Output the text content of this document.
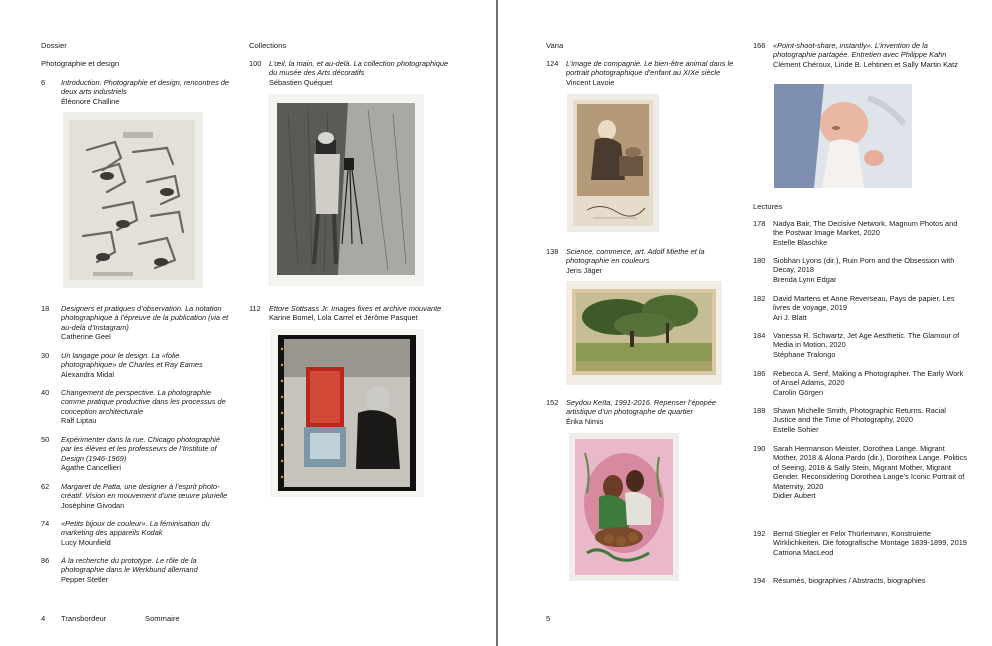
Dossier
Photographie et design
Collections
6	Introduction. Photographie et design, rencontres de deux arts industriels
Éléonore Challine
18	Designers et pratiques d’observation. La notation photographique à l’épreuve de la publication (via et au-delà d’Instagram)
Catherine Geel
30	Un langage pour le design. La «folie photographique» de Charles et Ray Eames
Alexandra Midal
40	Changement de perspective. La photographie comme pratique productive dans les processus de conception architecturale
Ralf Liptau
50	Expérimenter dans la rue. Chicago photographié par les élèves et les professeurs de l’Institute of Design (1946-1969)
Agathe Cancellieri
62	Margaret de Patta, une designer à l’esprit photo-créatif. Vision en mouvement d’une œuvre plurielle
Joséphine Givodan
74	«Petits bijoux de couleur». La féminisation du marketing des appareils Kodak
Lucy Mounfield
86	À la recherche du prototype. Le rôle de la photographie dans le Werkbund allemand
Pepper Stetler
100	L’œil, la main, et au-delà. La collection photographique du musée des Arts décoratifs
Sébastien Quéquet
112	Ettore Sottsass Jr. Images fixes et archive mouvante
Karine Bomel, Lola Carrel et Jérôme Pasquet
4 Transbordeur	Sommaire
Varia
124	L’image de compagnie. Le bien-être animal dans le portrait photographique d’enfant au XIXe siècle
Vincent Lavoie
138	Science, commerce, art. Adolf Miethe et la photographie en couleurs
Jens Jäger
152	Seydou Keïta, 1991-2016. Repenser l’épopée artistique d’un photographe de quartier
Érika Nimis
166	«Point-shoot-share, instantly». L’invention de la photographie partagée. Entretien avec Philippe Kahn
Clément Chéroux, Linde B. Lehtinen et Sally Martin Katz
Lectures
178	Nadya Bair, The Decisive Network. Magnum Photos and the Postwar Image Market, 2020
Estelle Blaschke
180	Siobhan Lyons (dir.), Ruin Porn and the Obsession with Decay, 2018
Brenda Lynn Edgar
182	David Martens et Anne Reverseau, Pays de papier. Les livres de voyage, 2019
Ari J. Blatt
184	Vanessa R. Schwartz, Jet Age Aesthetic. The Glamour of Media in Motion, 2020
Stéphane Tralongo
186	Rebecca A. Senf, Making a Photographer. The Early Work of Ansel Adams, 2020
Carolin Görgen
188	Shawn Michelle Smith, Photographic Returns. Racial Justice and the Time of Photography, 2020
Estelle Sohier
190	Sarah Hermanson Meister, Dorothea Lange. Migrant Mother, 2018 & Alona Pardo (dir.), Dorothea Lange. Politics of Seeing, 2018 & Sally Stein, Migrant Mother, Migrant Gender. Reconsidering Dorothea Lange’s Iconic Portrait of Maternity, 2020
Didier Aubert
192	Bernd Stiegler et Felix Thürlemann, Konstruierte Wirklichkeiten. Die fotografische Montage 1839-1899, 2019
Catriona MacLeod
194	Résumés, biographies / Abstracts, biographies
5
